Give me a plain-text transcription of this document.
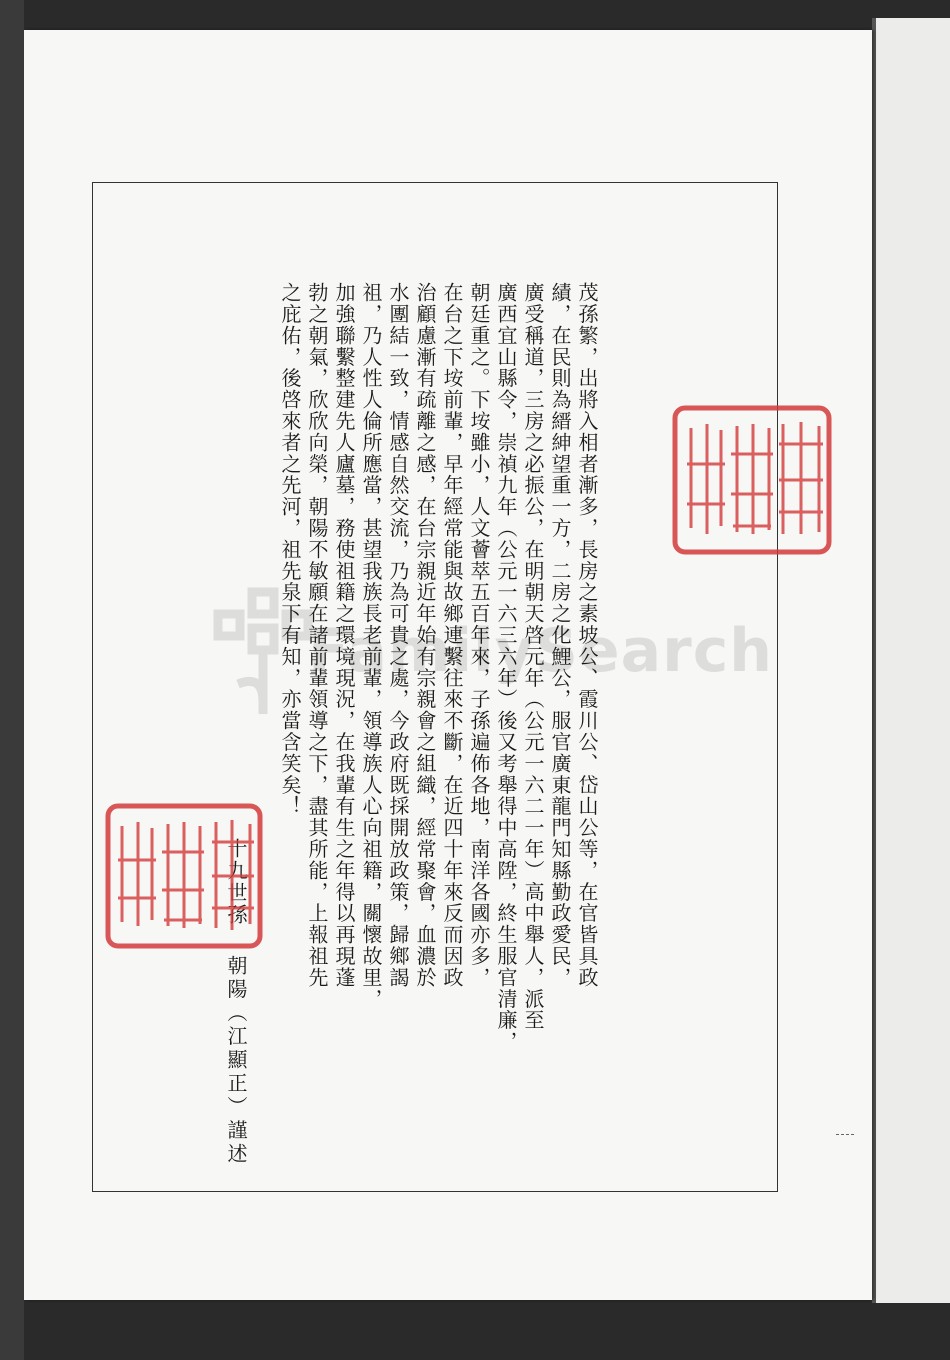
FamilySearch
茂孫繁，出將入相者漸多，長房之素坡公、霞川公、岱山公等，在官皆具政
績，在民則為縉紳望重一方，二房之化鯉公，服官廣東龍門知縣勤政愛民，
廣受稱道，三房之必振公，在明朝天啓元年（公元一六二一年）高中舉人，派至
廣西宜山縣令，崇禎九年（公元一六三六年）後又考舉得中高陞，終生服官清廉，
朝廷重之。下垵雖小，人文薈萃五百年來，子孫遍佈各地，南洋各國亦多，
在台之下垵前輩，早年經常能與故鄉連繫往來不斷，在近四十年來反而因政
治顧慮漸有疏離之感，在台宗親近年始有宗親會之組織，經常聚會，血濃於
水團結一致，情感自然交流，乃為可貴之處，今政府既採開放政策，歸鄉謁
祖，乃人性人倫所應當，甚望我族長老前輩，領導族人心向祖籍，關懷故里，
加強聯繫整建先人廬墓，務使祖籍之環境現況，在我輩有生之年得以再現蓬
勃之朝氣，欣欣向榮，朝陽不敏願在諸前輩領導之下，盡其所能，上報祖先
之庇佑，後啓來者之先河，祖先泉下有知，亦當含笑矣！
十九世孫
朝陽（江顯正）謹述
